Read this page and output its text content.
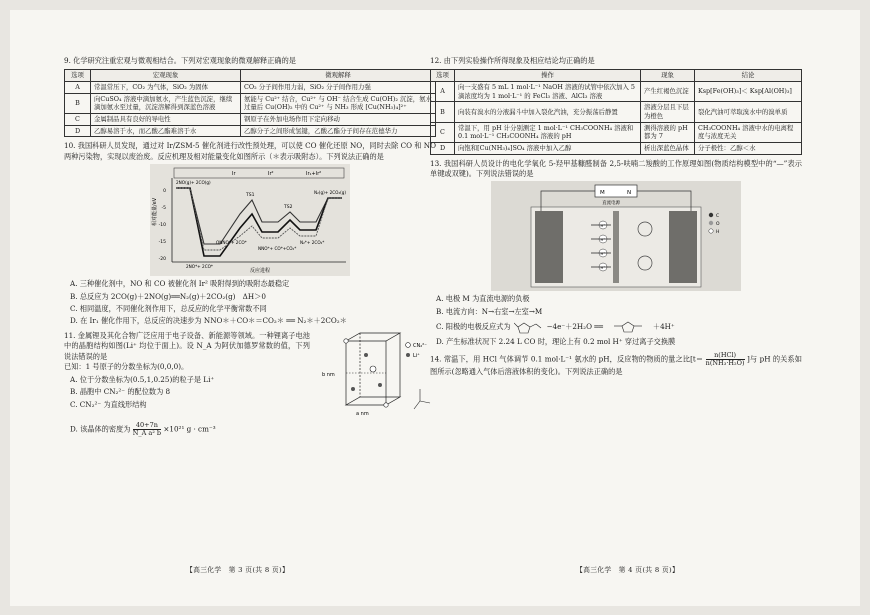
9. 化学研究注重宏观与微观相结合。下列对宏观现象的微观解释正确的是
选项	宏观现象	微观解释
A	常温常压下，CO₂ 为气体，SiO₂ 为固体	CO₂ 分子间作用力弱，SiO₂ 分子间作用力强
B	向CuSO₄ 溶液中滴加氨水，产生蓝色沉淀，继续滴加氨水至过量，沉淀溶解得到深蓝色溶液	氨能与 Cu²⁺ 结合，Cu²⁺ 与 OH⁻ 结合生成 Cu(OH)₂ 沉淀，氨水过量后 Cu(OH)₂ 中的 Cu²⁺ 与 NH₃ 形成 [Cu(NH₃)₄]²⁺
C	金属制品具有良好的导电性	钢原子在外加电场作用下定向移动
D	乙醇易溶于水，而乙酸乙酯难溶于水	乙醇分子之间形成氢键，乙酸乙酯分子间存在范德华力
10. 我国科研人员发现，通过对 Ir/ZSM-5 催化剂进行改性预处理，可以使 CO 催化还原 NO，同时去除 CO 和 NO 两种污染物，实现以废治废。反应机理及相对能量变化如图所示（＊表示吸附态）。下列说法正确的是
相对能量/eV
反应进程
0
-5
-10
-15
-20
Ir	Ir²	Ir₁+Ir²
2NO(g)+ 2CO(g)
TS1
TS2
N₂(g)+ 2CO₂(g)
2NO*+ 2CO*
ONNO*+ 2CO*
NNO*+ CO*+CO₂*
N₂*+ 2CO₂*
A. 三种催化剂中，NO 和 CO 被催化剂 Ir² 吸附得到的吸附态最稳定
B. 总反应为 2CO(g)＋2NO(g)══N₂(g)＋2CO₂(g)　ΔH＞0
C. 相同温度，不同催化剂作用下，总反应的化学平衡常数不同
D. 在 Ir₁ 催化作用下，总反应的决速步为 NNO＊＋CO＊＝CO₂＊ ══ N₂＊＋2CO₂＊
11. 金属锂及其化合物广泛应用于电子设备、新能源等领域。一种锂离子电池中的晶胞结构如图(Li⁺ 均位于面上)。设 N_A 为阿伏加德罗常数的值，下列说法错误的是
已知：1 号原子的分数坐标为(0,0,0)。
A. 位于分数坐标为(0.5,1,0.25)的粒子是 Li⁺
B. 晶胞中 CN₂²⁻ 的配位数为 8
C. CN₂²⁻ 为直线形结构
CN₂²⁻
Li⁺
b nm
a nm
D. 该晶体的密度为 $\frac{40+7n}{\text{N\_A a² b}} \times 10^{21}$ g · cm⁻³
【高三化学　第 3 页(共 8 页)】
12. 由下列实验操作所得现象及相应结论均正确的是
选项	操作	现象	结论
A	向一支盛有 5 mL 1 mol·L⁻¹ NaOH 溶液的试管中依次加入 5 滴浓度均为 1 mol·L⁻¹ 的 FeCl₃ 溶液、AlCl₃ 溶液	产生红褐色沉淀	Ksp[Fe(OH)₃]＜ Ksp[Al(OH)₃]
B	向装有溴水的分液漏斗中加入裂化汽油，充分振荡后静置	溶液分层且下层为橙色	裂化汽油可萃取溴水中的溴单质
C	常温下，用 pH 计分别测定 1 mol·L⁻¹ CH₃COONH₄ 溶液和 0.1 mol·L⁻¹ CH₃COONH₄ 溶液的 pH	测得溶液的 pH 都为 7	CH₃COONH₄ 溶液中水的电离程度与浓度无关
D	向饱和[Cu(NH₃)₄]SO₄ 溶液中加入乙醇	析出深蓝色晶体	分子极性：乙醇＜水
13. 我国科研人员设计的电化学氧化 5-羟甲基糠醛制备 2,5-呋喃二羧酸的工作原理如图(物质结构模型中的“—”表示单键或双键)。下列说法错误的是
M	N
直流电源
H⁺
H⁺
H⁺
H⁺
C
O
H
A. 电极 M 为直流电源的负极
B. 电流方向：N→右室→左室→M
C. 阳极的电极反应式为	−4e⁻＋2H₂O ══	＋4H⁺
D. 产生标准状况下 2.24 L CO 时，理论上有 0.2 mol H⁺ 穿过离子交换膜
14. 常温下，用 HCl 气体调节 0.1 mol·L⁻¹ 氨水的 pH，反应物的物质的量之比[$t= \frac{\text{n(HCl)}}{\text{n(NH₃·H₂O)}}$ ]与 pH 的关系如图所示(忽略通入气体后溶液体积的变化)。下列说法正确的是
【高三化学　第 4 页(共 8 页)】
